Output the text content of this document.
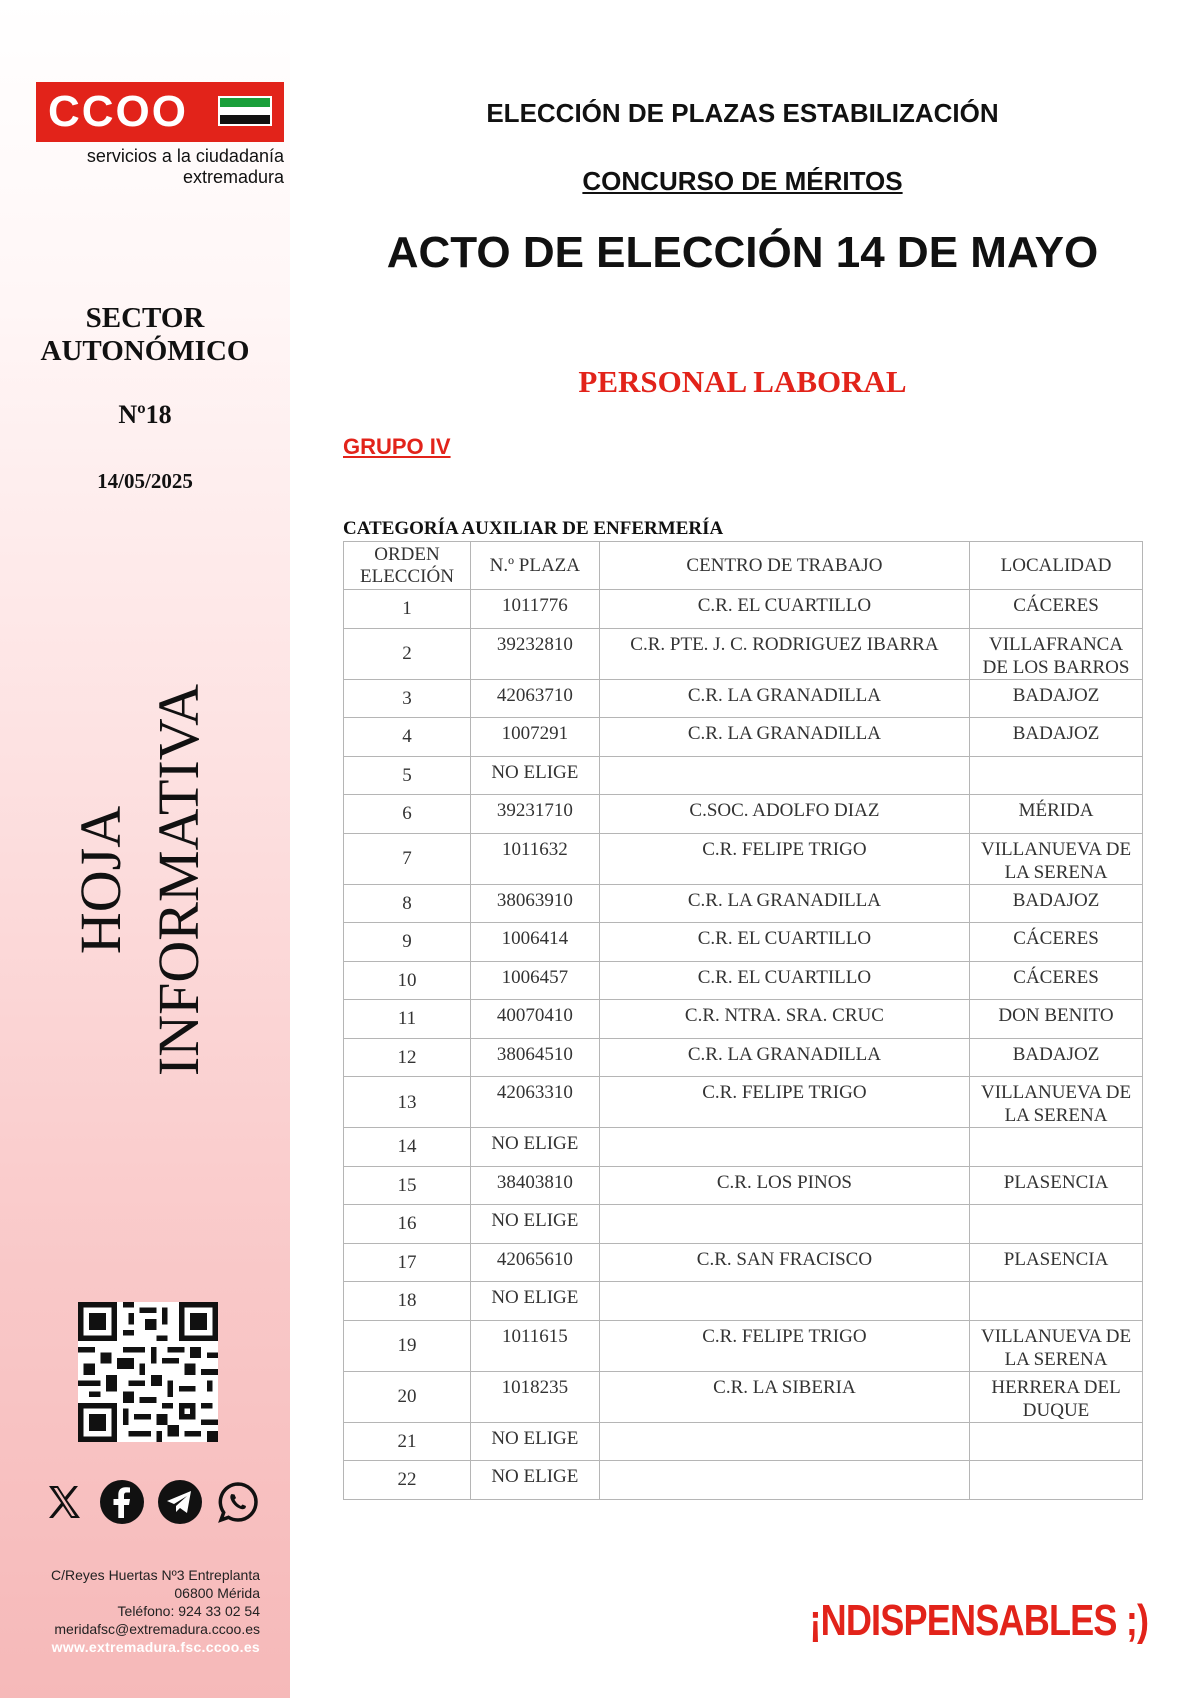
CCOO
servicios a la ciudadanía
extremadura
SECTOR
AUTONÓMICO
Nº18
14/05/2025
HOJA INFORMATIVA
C/Reyes Huertas Nº3 Entreplanta
06800 Mérida
Teléfono: 924 33 02 54
meridafsc@extremadura.ccoo.es
www.extremadura.fsc.ccoo.es
ELECCIÓN DE PLAZAS ESTABILIZACIÓN
CONCURSO DE MÉRITOS
ACTO DE ELECCIÓN 14 DE MAYO
PERSONAL LABORAL
GRUPO IV
CATEGORÍA AUXILIAR DE ENFERMERÍA
ORDEN
ELECCIÓN	N.º PLAZA	CENTRO DE TRABAJO	LOCALIDAD
1	1011776	C.R. EL CUARTILLO	CÁCERES

2	39232810	C.R. PTE. J. C. RODRIGUEZ IBARRA	VILLAFRANCA
DE LOS BARROS

3	42063710	C.R. LA GRANADILLA	BADAJOZ

4	1007291	C.R. LA GRANADILLA	BADAJOZ

5	NO ELIGE		

6	39231710	C.SOC. ADOLFO DIAZ	MÉRIDA

7	1011632	C.R. FELIPE TRIGO	VILLANUEVA DE
LA SERENA

8	38063910	C.R. LA GRANADILLA	BADAJOZ

9	1006414	C.R. EL CUARTILLO	CÁCERES

10	1006457	C.R. EL CUARTILLO	CÁCERES

11	40070410	C.R. NTRA. SRA. CRUC	DON BENITO

12	38064510	C.R. LA GRANADILLA	BADAJOZ

13	42063310	C.R. FELIPE TRIGO	VILLANUEVA DE
LA SERENA

14	NO ELIGE		

15	38403810	C.R. LOS PINOS	PLASENCIA

16	NO ELIGE		

17	42065610	C.R. SAN FRACISCO	PLASENCIA

18	NO ELIGE		

19	1011615	C.R. FELIPE TRIGO	VILLANUEVA DE
LA SERENA

20	1018235	C.R. LA SIBERIA	HERRERA DEL
DUQUE

21	NO ELIGE		

22	NO ELIGE		
¡NDISPENSABLES ;)
